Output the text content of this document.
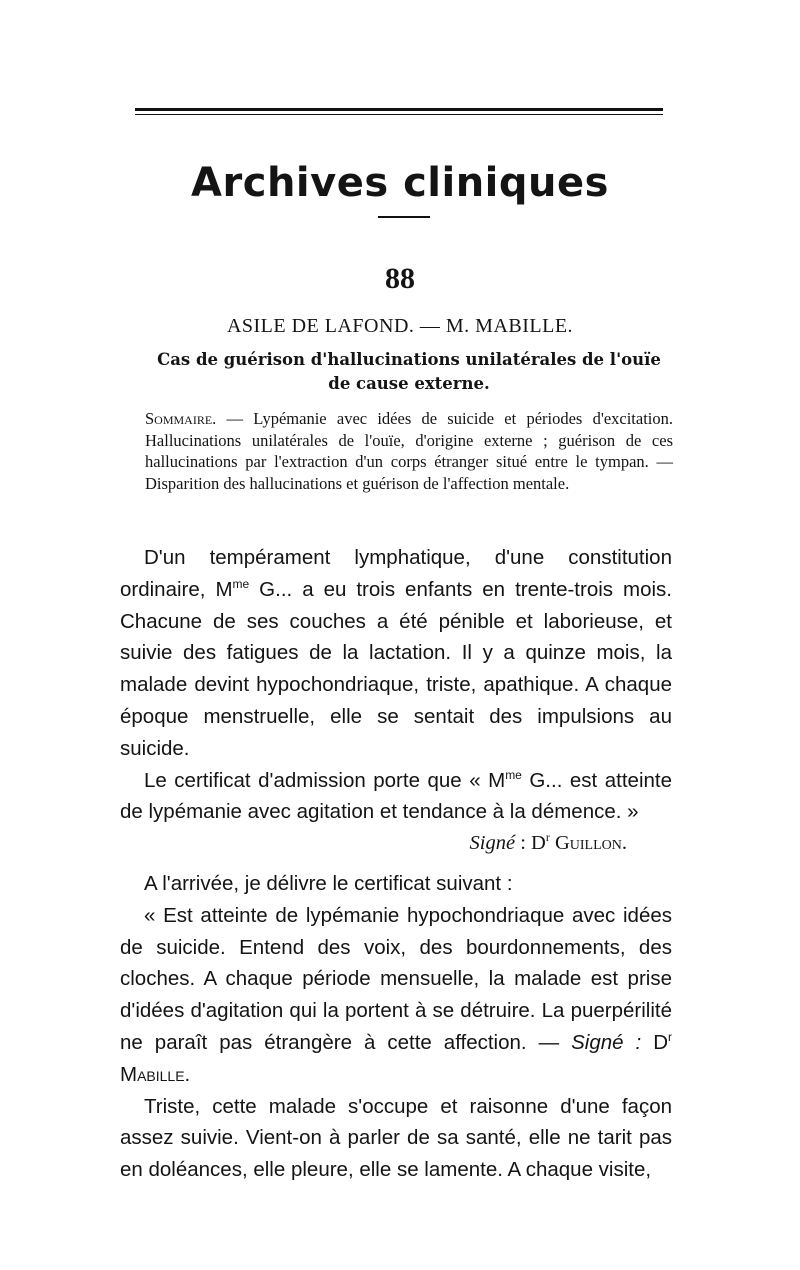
Archives cliniques
88
ASILE DE LAFOND. — M. MABILLE.
Cas de guérison d'hallucinations unilatérales de l'ouïe de cause externe.
Sommaire. — Lypémanie avec idées de suicide et périodes d'excitation. Hallucinations unilatérales de l'ouïe, d'origine externe ; guérison de ces hallucinations par l'extraction d'un corps étranger situé entre le tympan. — Disparition des hallucinations et guérison de l'affection mentale.

D'un tempérament lymphatique, d'une constitution ordinaire, $M^{me}$ G... a eu trois enfants en trente-trois mois. Chacune de ses couches a été pénible et laborieuse, et suivie des fatigues de la lactation. Il y a quinze mois, la malade devint hypochondriaque, triste, apathique. A chaque époque menstruelle, elle se sentait des impulsions au suicide.

Le certificat d'admission porte que « $M^{me}$ G... est atteinte de lypémanie avec agitation et tendance à la démence. »

Signé : $D^r$ Guillon.

A l'arrivée, je délivre le certificat suivant :

« Est atteinte de lypémanie hypochondriaque avec idées de suicide. Entend des voix, des bourdonnements, des cloches. A chaque période mensuelle, la malade est prise d'idées d'agitation qui la portent à se détruire. La puerpérilité ne paraît pas étrangère à cette affection. — Signé : $D^r$ Mabille.

Triste, cette malade s'occupe et raisonne d'une façon assez suivie. Vient-on à parler de sa santé, elle ne tarit pas en doléances, elle pleure, elle se lamente. A chaque visite,
